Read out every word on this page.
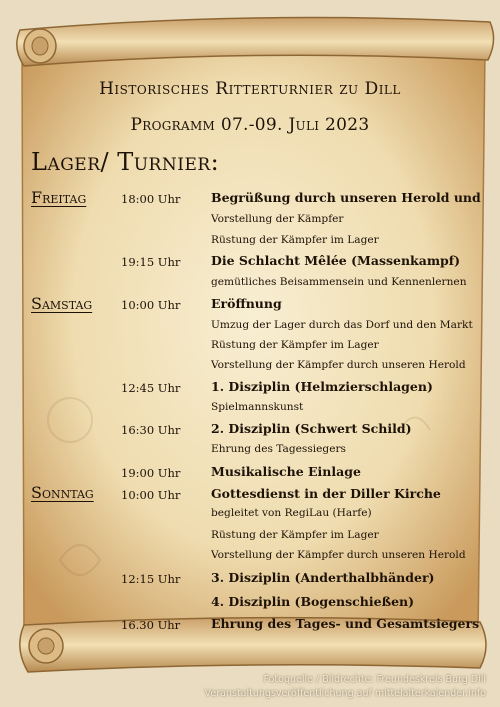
Historisches Ritterturnier zu Dill
Programm 07.-09. Juli 2023
Lager/ Turnier:
Freitag	18:00 Uhr Begrüßung durch unseren Herold und
Vorstellung der Kämpfer
Rüstung der Kämpfer im Lager
19:15 Uhr Die Schlacht Mêlée (Massenkampf)
gemütliches Beisammensein und Kennenlernen
Samstag	10:00 Uhr Eröffnung
Umzug der Lager durch das Dorf und den Markt
Rüstung der Kämpfer im Lager
Vorstellung der Kämpfer durch unseren Herold
12:45 Uhr 1. Disziplin (Helmzierschlagen)
Spielmannskunst
16:30 Uhr 2. Disziplin (Schwert Schild)
Ehrung des Tagessiegers
19:00 Uhr Musikalische Einlage
Sonntag 10:00 Uhr Gottesdienst in der Diller Kirche
begleitet von RegiLau (Harfe)
Rüstung der Kämpfer im Lager
Vorstellung der Kämpfer durch unseren Herold
12:15 Uhr 3. Disziplin (Anderthalbhänder)
4. Disziplin (Bogenschießen)
16.30 Uhr Ehrung des Tages- und Gesamtsiegers
Fotoquelle / Bildrechte: Freundeskreis Burg Dill
Veranstaltungsveröffentlichung auf mittelalterkalender.info
